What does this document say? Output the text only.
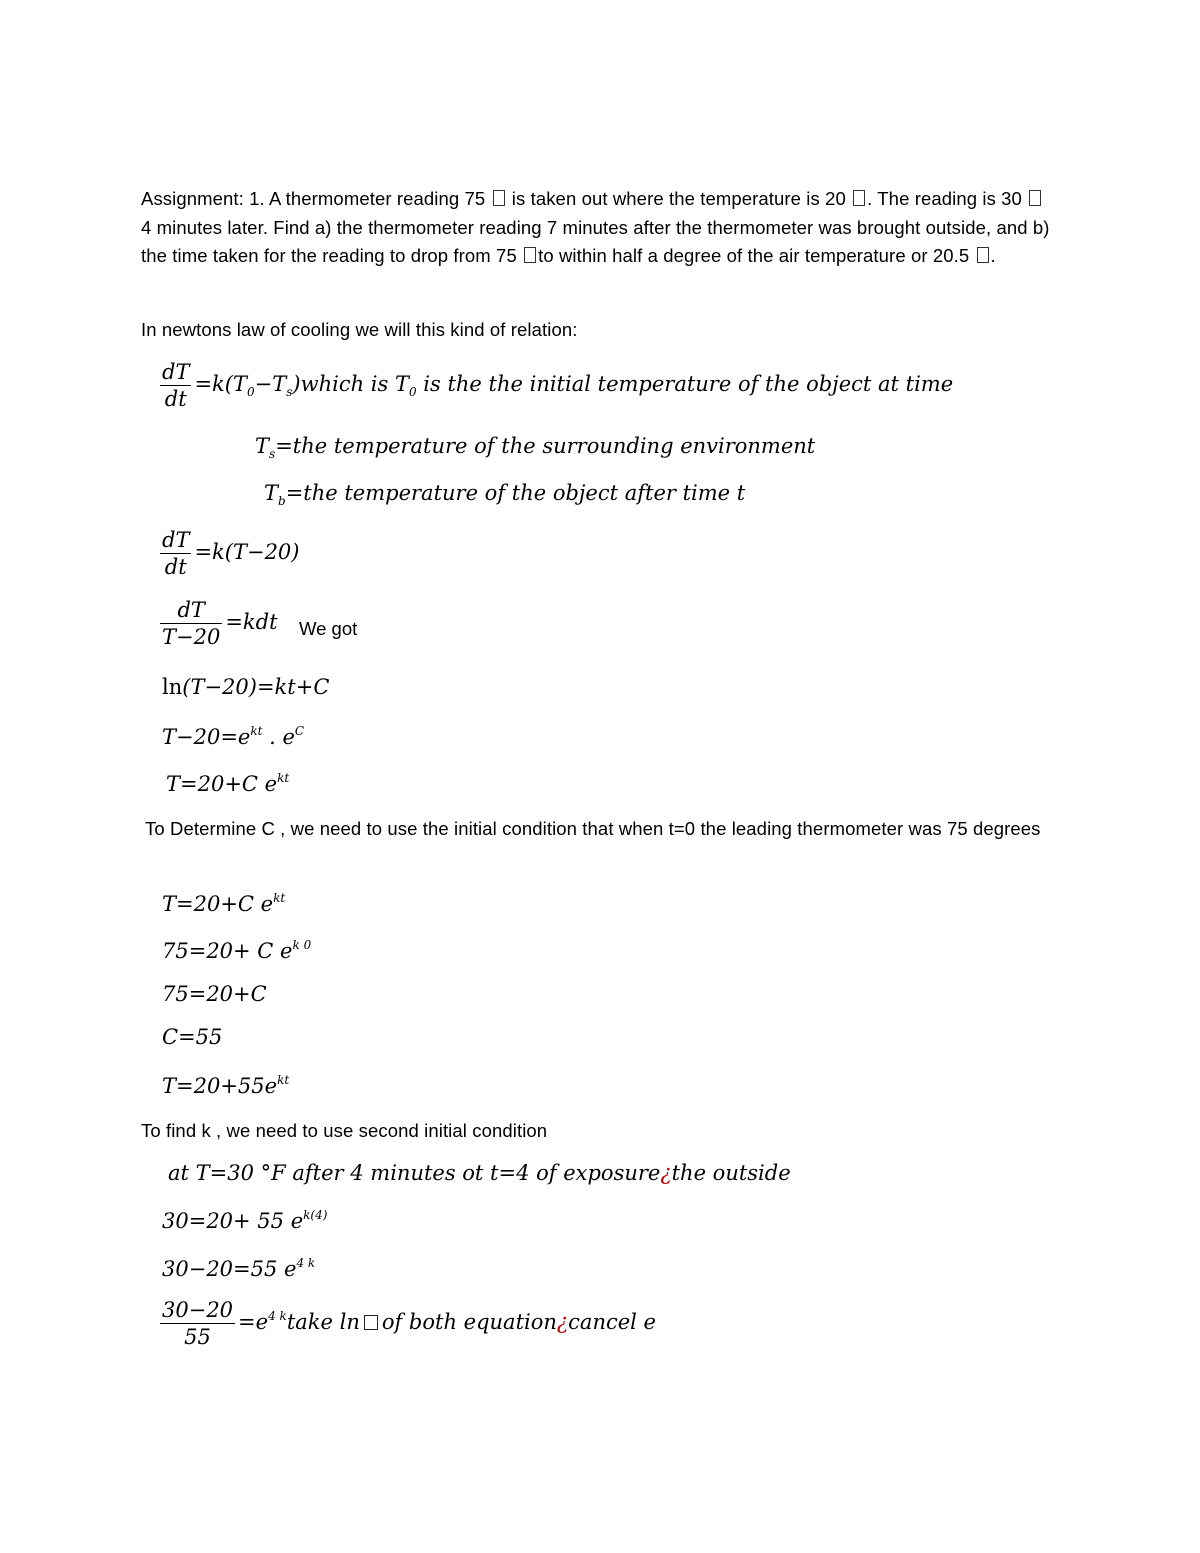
Assignment: 1. A thermometer reading 75 is taken out where the temperature is 20 . The reading is 30  4 minutes later. Find a) the thermometer reading 7 minutes after the thermometer was brought outside, and b) the time taken for the reading to drop from 75 to within half a degree of the air temperature or 20.5 .
In newtons law of cooling we will this kind of relation:
$\frac{dT}{dt}$ $=k(T_0-T_s)which$ is $T_0$ is the the initial temperature of the object at time
$T_s=the$ temperature of the surrounding environment
$T_b=the$ temperature of the object after time t
$\frac{dT}{dt} =k(T-20)$
$\frac{dT}{T-20} =kdt$ We got
ln(T−20)=kt+C
$T-20=e^{kt}$ . $e^C$
T=20+C $e^{kt}$
To Determine C , we need to use the initial condition that when t=0 the leading thermometer was 75 degrees
T=20+C $e^{kt}$
75=20+ C $e^{k 0}$
75=20+C
C=55
$T=20+55e^{kt}$
To find k , we need to use second initial condition
at T=30 °F after 4 minutes ot t=4 of exposure¿the outside
30=20+ 55 $e^{k(4)}$
30−20=55 $e^{4 k}$
$\frac{30-20}{55}$ $=e^{4 k}take$ ln of both equation¿cancel e
